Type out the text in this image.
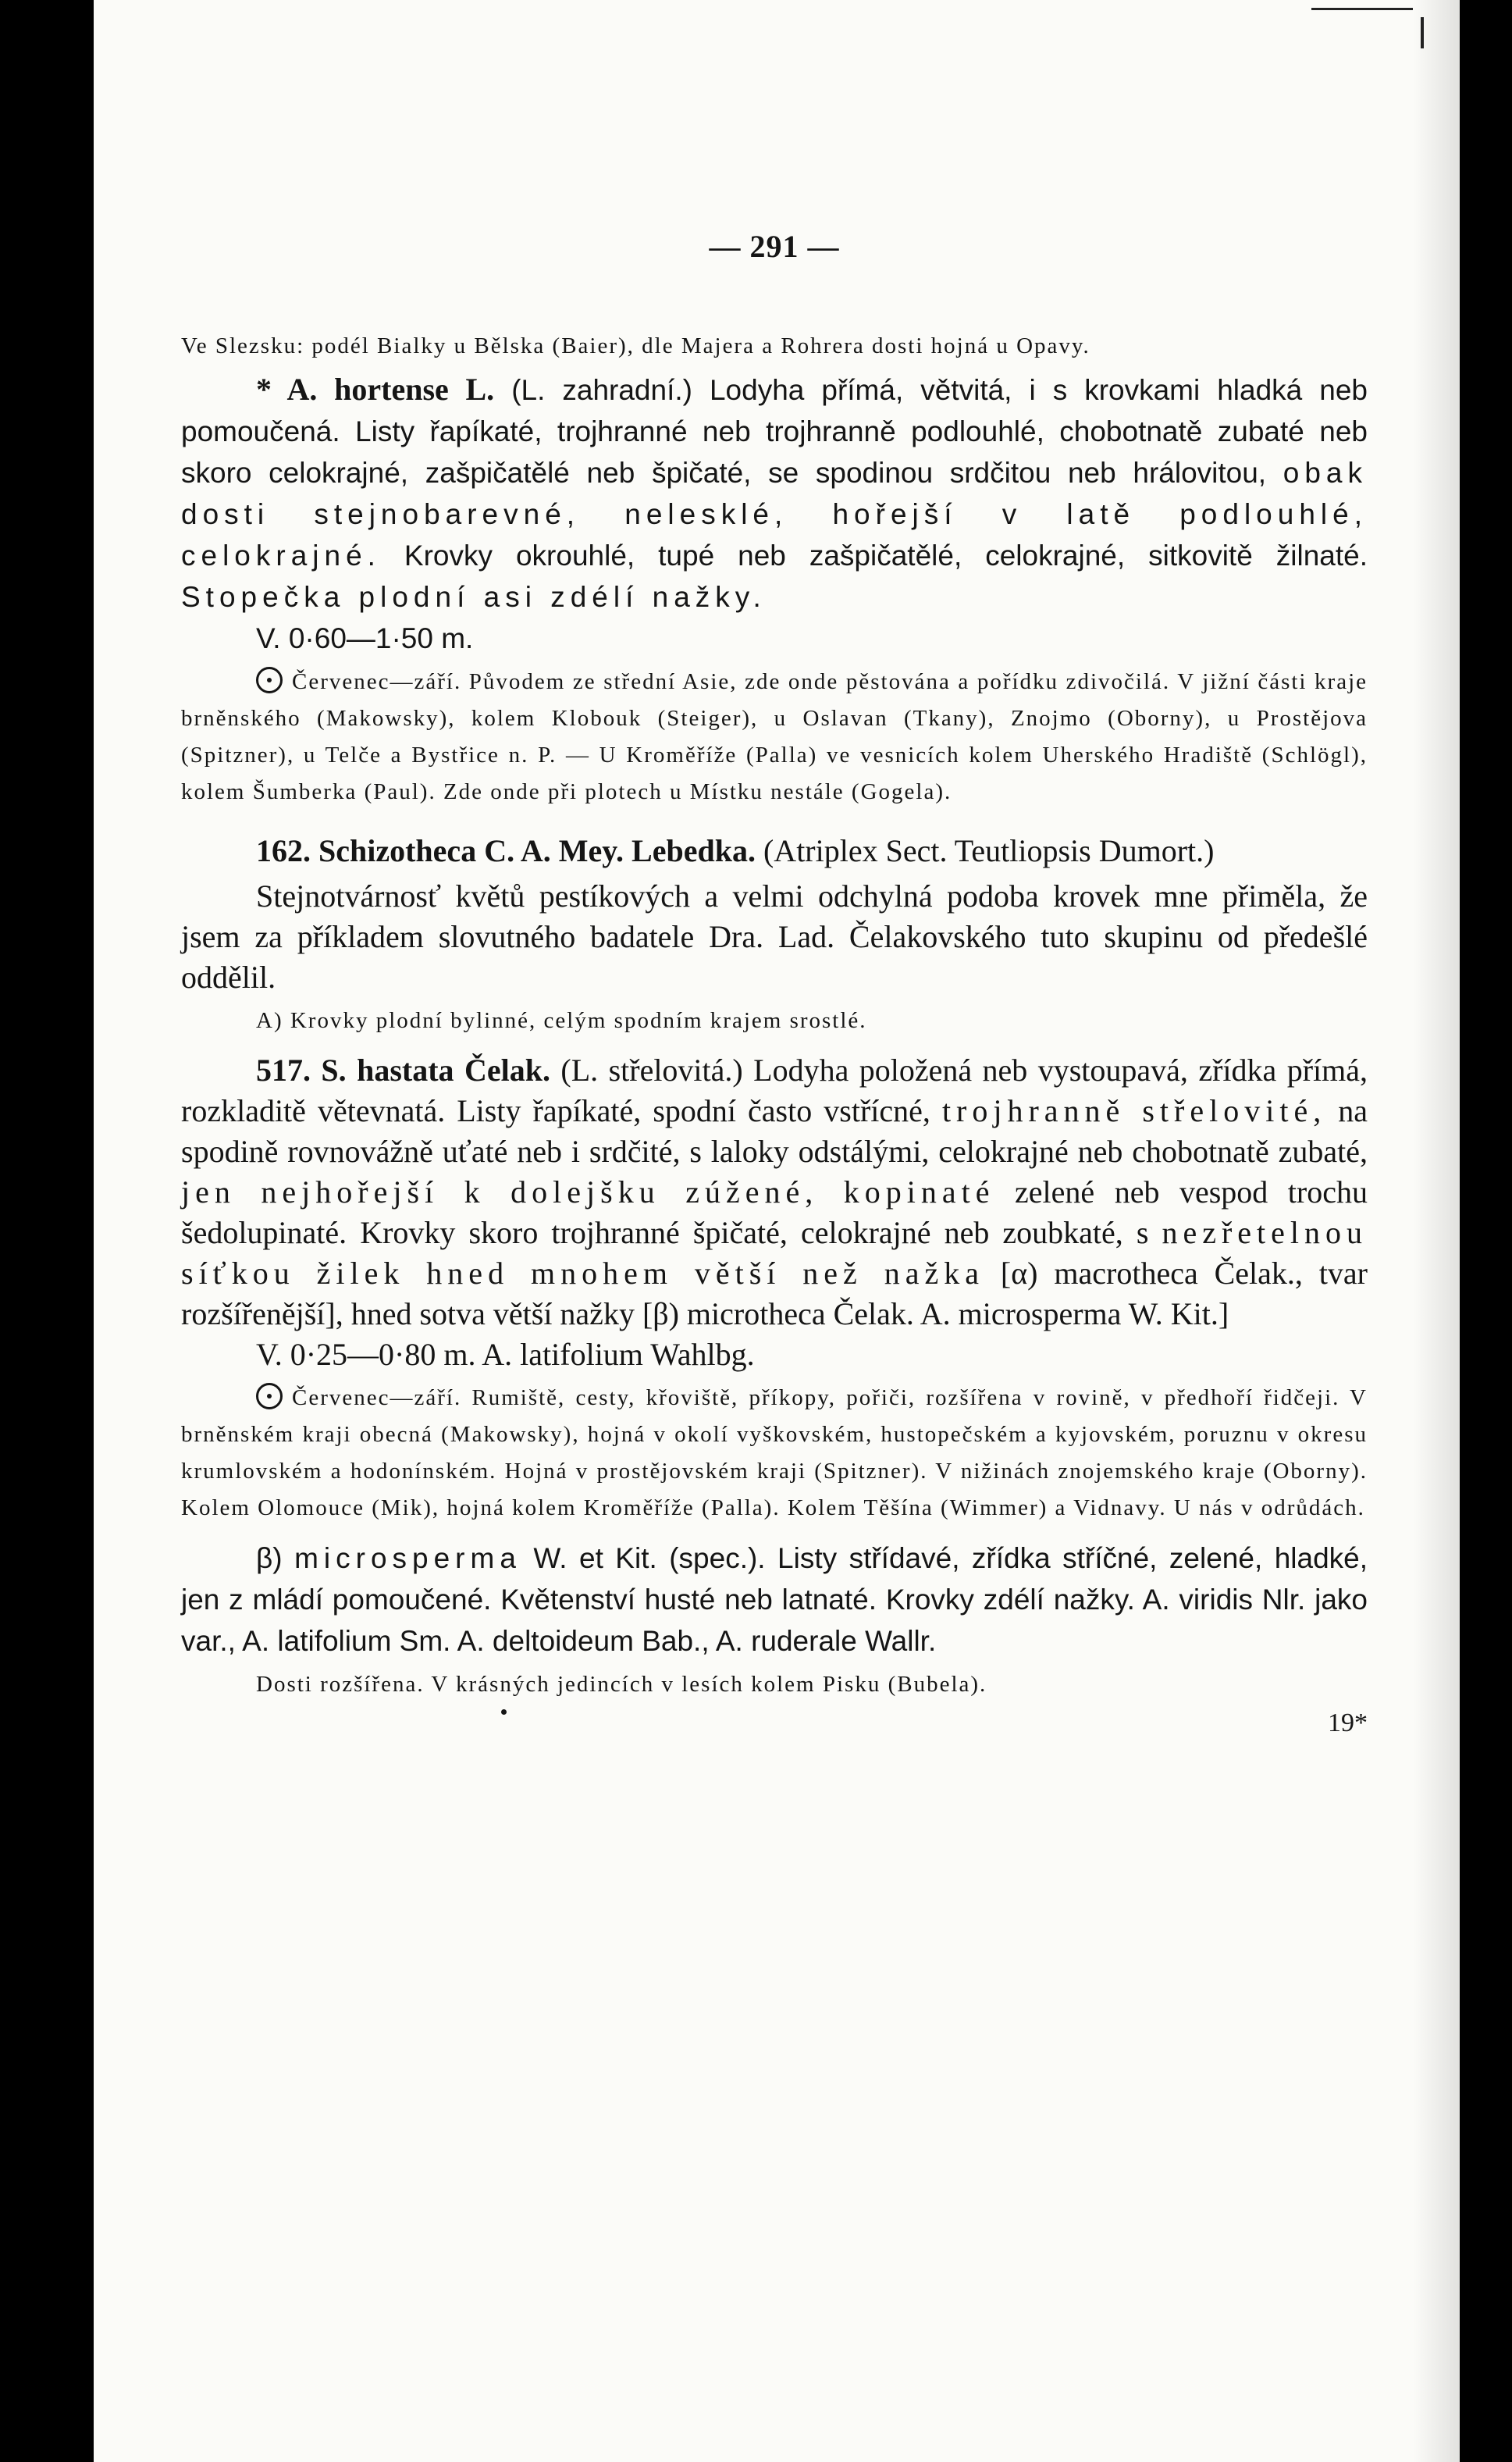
— 291 —

Ve Slezsku: podél Bialky u Bělska (Baier), dle Majera a Rohrera dosti hojná u Opavy.

* A. hortense L. (L. zahradní.) Lodyha přímá, větvitá, i s krovkami hladká neb pomoučená. Listy řapíkaté, trojhranné neb trojhranně podlouhlé, chobotnatě zubaté neb skoro celokrajné, zašpičatělé neb špičaté, se spodinou srdčitou neb hrálovitou, obak dosti stejnobarevné, nelesklé, hořejší v latě podlouhlé, celokrajné. Krovky okrouhlé, tupé neb zašpičatělé, celokrajné, sitkovitě žilnaté. Stopečka plodní asi zdélí nažky.

V. 0·60—1·50 m.

Červenec—září. Původem ze střední Asie, zde onde pěstována a pořídku zdivočilá. V jižní části kraje brněnského (Makowsky), kolem Klobouk (Steiger), u Oslavan (Tkany), Znojmo (Oborny), u Prostějova (Spitzner), u Telče a Bystřice n. P. — U Kroměříže (Palla) ve vesnicích kolem Uherského Hradiště (Schlögl), kolem Šumberka (Paul). Zde onde při plotech u Místku nestále (Gogela).

162. Schizotheca C. A. Mey. Lebedka. (Atriplex Sect. Teutliopsis Dumort.)

Stejnotvárnosť květů pestíkových a velmi odchylná podoba krovek mne přiměla, že jsem za příkladem slovutného badatele Dra. Lad. Čelakovského tuto skupinu od předešlé oddělil.

A) Krovky plodní bylinné, celým spodním krajem srostlé.

517. S. hastata Čelak. (L. střelovitá.) Lodyha položená neb vystoupavá, zřídka přímá, rozkladitě větevnatá. Listy řapíkaté, spodní často vstřícné, trojhranně střelovité, na spodině rovnovážně uťaté neb i srdčité, s laloky odstálými, celokrajné neb chobotnatě zubaté, jen nejhořejší k dolejšku zúžené, kopinaté zelené neb vespod trochu šedolupinaté. Krovky skoro trojhranné špičaté, celokrajné neb zoubkaté, s nezřetelnou síťkou žilek hned mnohem větší než nažka [α) macrotheca Čelak., tvar rozšířenější], hned sotva větší nažky [β) microtheca Čelak. A. microsperma W. Kit.]

V. 0·25—0·80 m. A. latifolium Wahlbg.

Červenec—září. Rumiště, cesty, křoviště, příkopy, pořiči, rozšířena v rovině, v předhoří řidčeji. V brněnském kraji obecná (Makowsky), hojná v okolí vyškovském, hustopečském a kyjovském, poruznu v okresu krumlovském a hodonínském. Hojná v prostějovském kraji (Spitzner). V nižinách znojemského kraje (Oborny). Kolem Olomouce (Mik), hojná kolem Kroměříže (Palla). Kolem Těšína (Wimmer) a Vidnavy. U nás v odrůdách.

β) microsperma W. et Kit. (spec.). Listy střídavé, zřídka stříčné, zelené, hladké, jen z mládí pomoučené. Květenství husté neb latnaté. Krovky zdélí nažky. A. viridis Nlr. jako var., A. latifolium Sm. A. deltoideum Bab., A. ruderale Wallr.

Dosti rozšířena. V krásných jedincích v lesích kolem Pisku (Bubela).

19*
